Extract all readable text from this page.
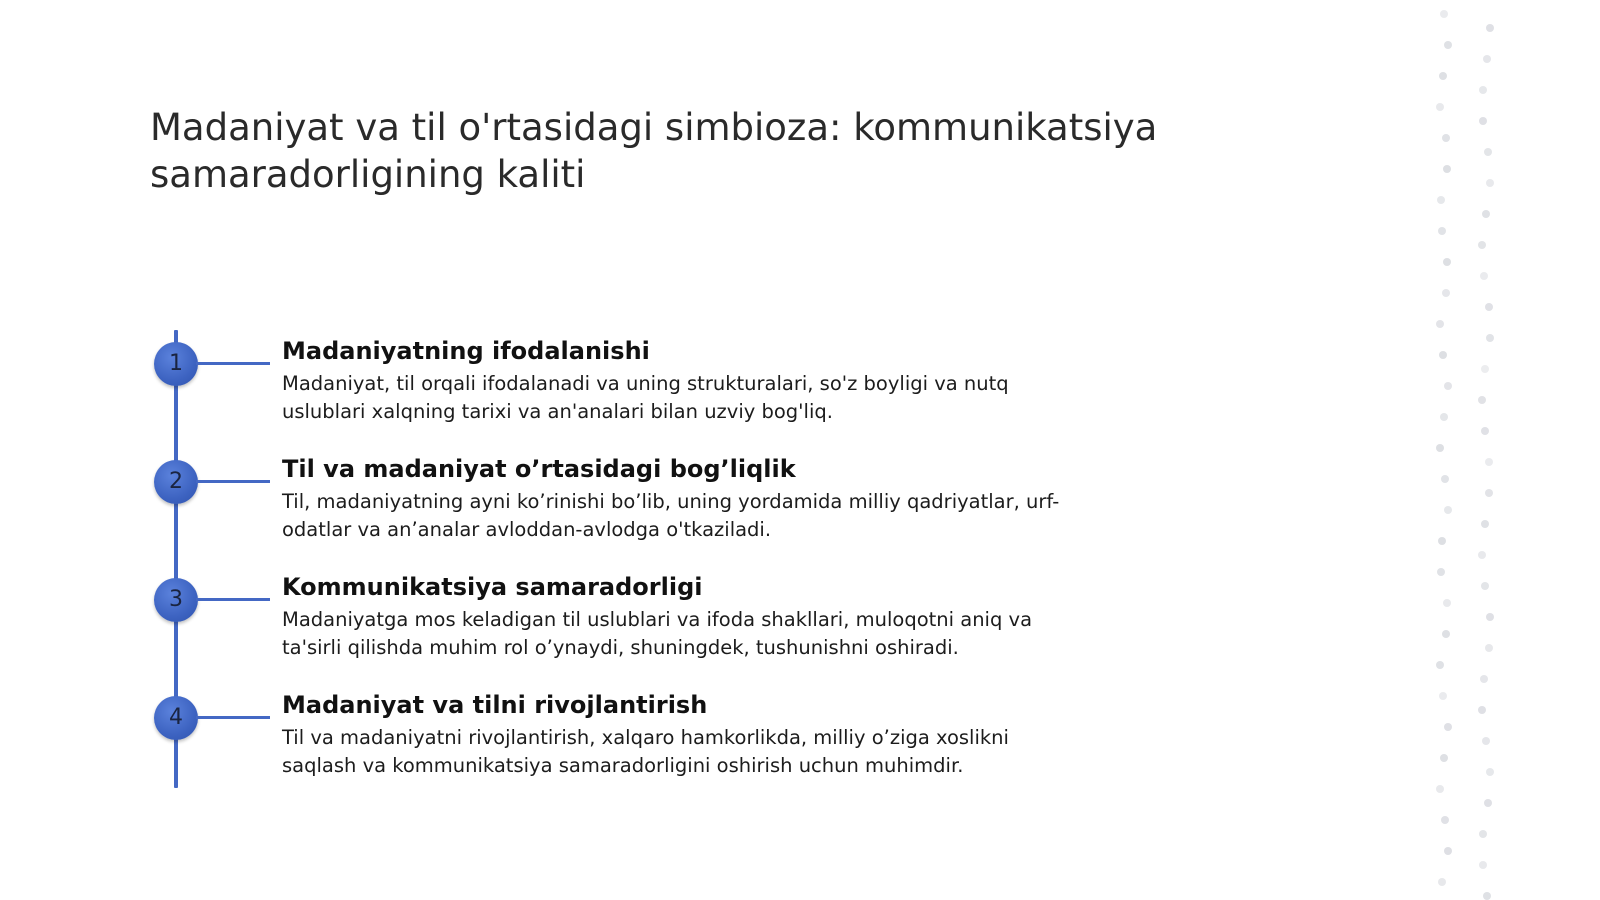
Madaniyat va til o'rtasidagi simbioza: kommunikatsiya samaradorligining kaliti
1	Madaniyatning ifodalanishi

Madaniyat, til orqali ifodalanadi va uning strukturalari, so'z boyligi va nutq uslublari xalqning tarixi va an'analari bilan uzviy bog'liq.

2	Til va madaniyat o’rtasidagi bog’liqlik

Til, madaniyatning ayni ko’rinishi bo’lib, uning yordamida milliy qadriyatlar, urf-odatlar va an’analar avloddan-avlodga o'tkaziladi.

3	Kommunikatsiya samaradorligi

Madaniyatga mos keladigan til uslublari va ifoda shakllari, muloqotni aniq va ta'sirli qilishda muhim rol o’ynaydi, shuningdek, tushunishni oshiradi.

4	Madaniyat va tilni rivojlantirish

Til va madaniyatni rivojlantirish, xalqaro hamkorlikda, milliy o’ziga xoslikni saqlash va kommunikatsiya samaradorligini oshirish uchun muhimdir.
